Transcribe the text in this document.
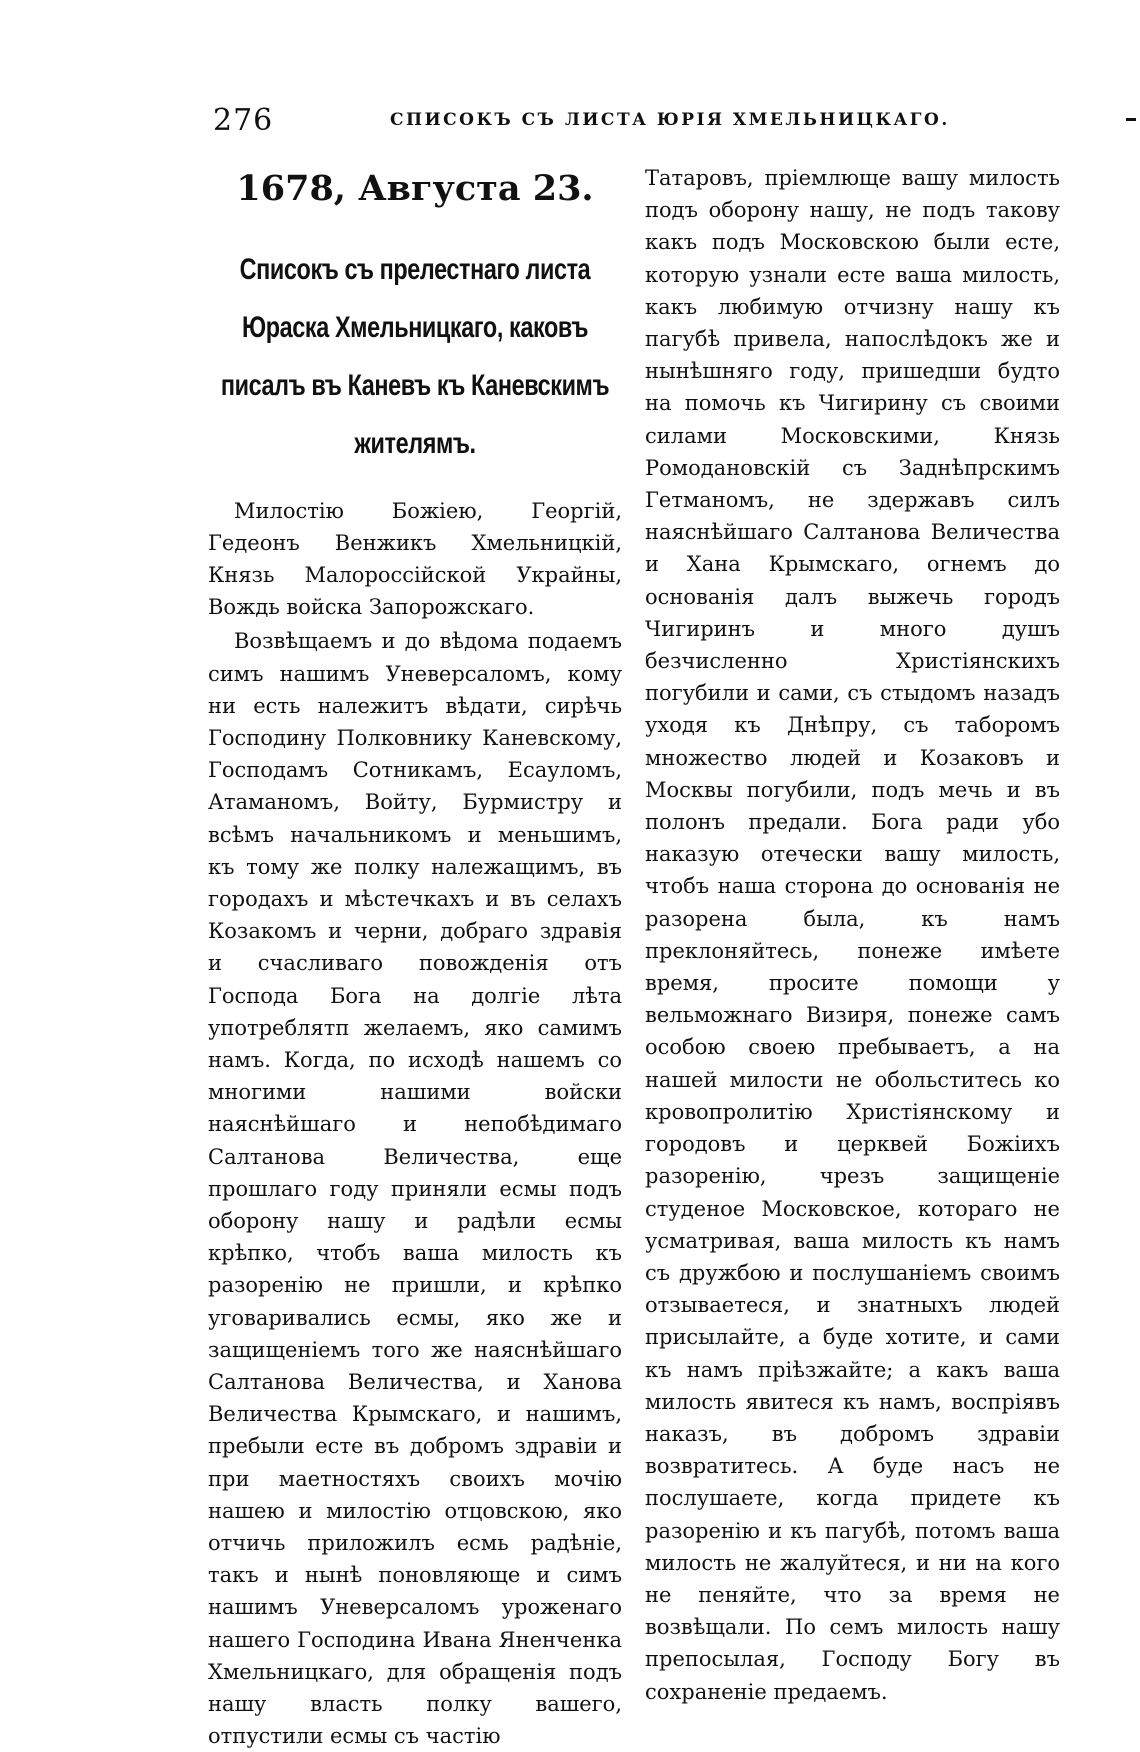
276	СПИСОКЪ СЪ ЛИСТА ЮРІЯ ХМЕЛЬНИЦКАГО.
1678, Августа 23.
Списокъ съ прелестнаго листа Юраска Хмельницкаго, каковъ писалъ въ Каневъ къ Каневскимъ жителямъ.

Милостію Божіею, Георгій, Гедеонъ Венжикъ Хмельницкій, Князь Малороссійской Украйны, Вождь войска Запорожскаго.

Возвѣщаемъ и до вѣдома подаемъ симъ нашимъ Уневерсаломъ, кому ни есть належитъ вѣдати, сирѣчь Господину Полковнику Каневскому, Господамъ Сотникамъ, Есауломъ, Атаманомъ, Войту, Бурмистру и всѣмъ начальникомъ и меньшимъ, къ тому же полку належащимъ, въ городахъ и мѣстечкахъ и въ селахъ Козакомъ и черни, добраго здравія и счасливаго повожденія отъ Господа Бога на долгіе лѣта употреблятп желаемъ, яко самимъ намъ. Когда, по исходѣ нашемъ со многими нашими войски наяснѣйшаго и непобѣдимаго Салтанова Величества, еще прошлаго году приняли есмы подъ оборону нашу и радѣли есмы крѣпко, чтобъ ваша милость къ разоренію не пришли, и крѣпко уговаривались есмы, яко же и защищеніемъ того же наяснѣйшаго Салтанова Величества, и Ханова Величества Крымскаго, и нашимъ, пребыли есте въ добромъ здравіи и при маетностяхъ своихъ мочію нашею и милостію отцовскою, яко отчичь приложилъ есмь радѣніе, такъ и нынѣ поновляюще и симъ нашимъ Уневерсаломъ уроженаго нашего Господина Ивана Яненченка Хмельницкаго, для обращенія подъ нашу власть полку вашего, отпустили есмы съ частію

Татаровъ, пріемлюще вашу милость подъ оборону нашу, не подъ такову какъ подъ Московскою были есте, которую узнали есте ваша милость, какъ любимую отчизну нашу къ пагубѣ привела, напослѣдокъ же и нынѣшняго году, пришедши будто на помочь къ Чигирину съ своими силами Московскими, Князь Ромодановскій съ Заднѣпрскимъ Гетманомъ, не здержавъ силъ наяснѣйшаго Салтанова Величества и Хана Крымскаго, огнемъ до основанія далъ выжечь городъ Чигиринъ и много душъ безчисленно Христіянскихъ погубили и сами, съ стыдомъ назадъ уходя къ Днѣпру, съ таборомъ множество людей и Козаковъ и Москвы погубили, подъ мечь и въ полонъ предали. Бога ради убо наказую отечески вашу милость, чтобъ наша сторона до основанія не разорена была, къ намъ преклоняйтесь, понеже имѣете время, просите помощи у вельможнаго Визиря, понеже самъ особою своею пребываетъ, а на нашей милости не обольститесь ко кровопролитію Христіянскому и городовъ и церквей Божіихъ разоренію, чрезъ защищеніе студеное Московское, котораго не усматривая, ваша милость къ намъ съ дружбою и послушаніемъ своимъ отзываетеся, и знатныхъ людей присылайте, а буде хотите, и сами къ намъ пріѣзжайте; а какъ ваша милость явитеся къ намъ, воспріявъ наказъ, въ добромъ здравіи возвратитесь. А буде насъ не послушаете, когда придете къ разоренію и къ пагубѣ, потомъ ваша милость не жалуйтеся, и ни на кого не пеняйте, что за время не возвѣщали. По семъ милость нашу препосылая, Господу Богу въ сохраненіе предаемъ.
